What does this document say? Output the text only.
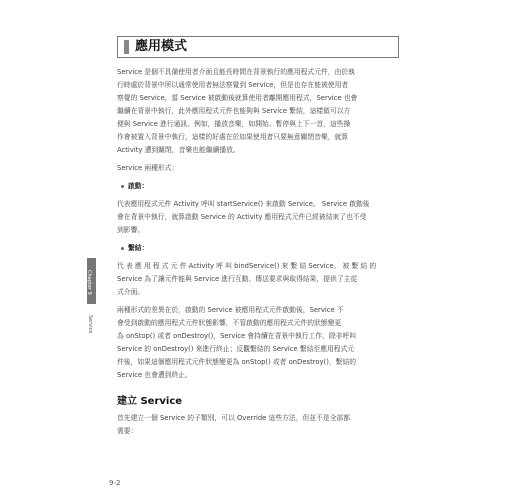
應用模式
Service 是個不具備使用者介面且能長時間在背景執行的應用程式元件，由於執
行時處於背景中所以通常使用者無法察覺到 Service，但是也存在能被使用者
察覺的 Service，當 Service 被啟動後就算使用者離開應用程式，Service 也會
繼續在背景中執行，此外應用程式元件也能夠與 Service 繫結，這樣做可以方
便與 Service 進行通訊。例如，播放音樂，如開始、暫停與上下一首，這些操
作會被置入背景中執行，這樣的好處在於如果使用者只要無意關閉音樂，就算
Activity 遭到關閉，音樂也能繼續播放。
Service 兩種形式：
啟動：
代表應用程式元件 Activity 呼叫 startService() 來啟動 Service。 Service 啟動後
會在背景中執行，就算啟動 Service 的 Activity 應用程式元件已經被結束了也不受
到影響。
繫結：
代 表 應 用 程 式 元 件 Activity 呼 叫 bindService() 來 繫 結 Service。 被 繫 結 的
Service 為了讓元件能與 Service 進行互動、傳送要求與取得結果，提供了主從
式介面。
兩種形式的差異在於，啟動的 Service 被應用程式元件啟動後，Service 不
會受到啟動的應用程式元件狀態影響，不管啟動的應用程式元件的狀態變更
為 onStop() 或者 onDestroy()，Service 會持續在背景中執行工作，除非呼叫
Service 的 onDestroy() 來進行終止；反觀繫結的 Service 繫結至應用程式元
件後，如果這個應用程式元件狀態變更為 onStop() 或者 onDestroy()，繫結的
Service 也會遭到終止。
建立 Service
首先建立一個 Service 的子類別，可以 Override 這些方法，但並不是全部都
需要：
Chapter 9
Service
9-2
